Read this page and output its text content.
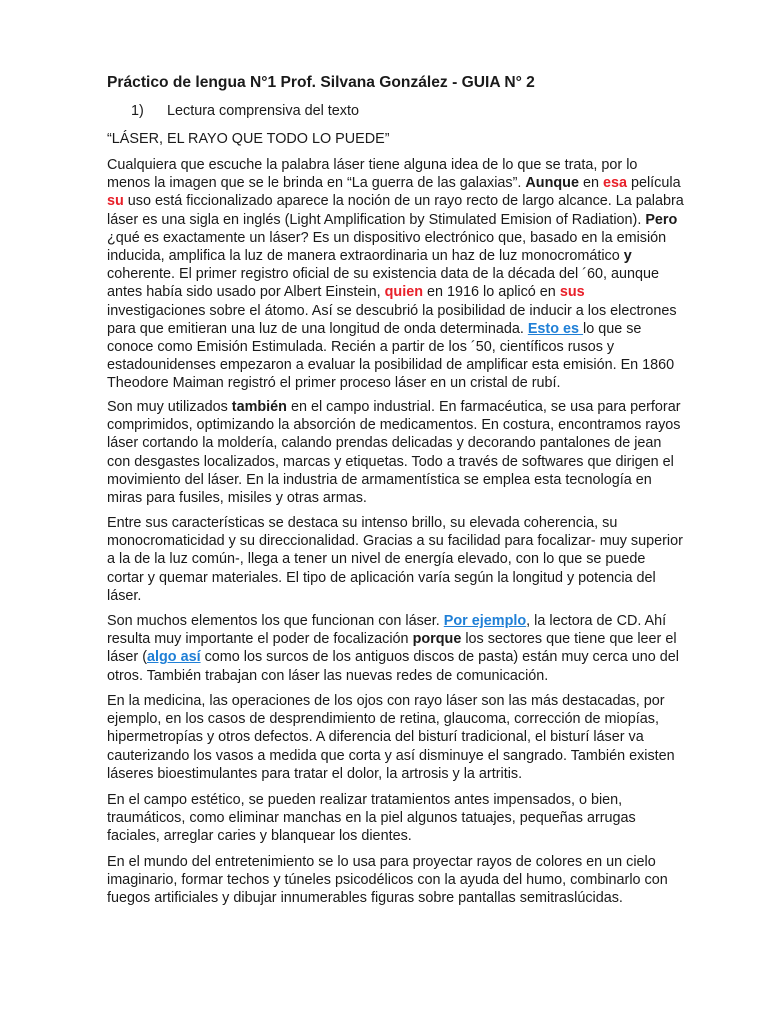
Práctico de lengua N°1 Prof. Silvana González - GUIA N° 2
1) Lectura comprensiva del texto
“LÁSER, EL RAYO QUE TODO LO PUEDE”
Cualquiera que escuche la palabra láser tiene alguna idea de lo que se trata, por lo
menos la imagen que se le brinda en “La guerra de las galaxias”. Aunque en esa película
su uso está ficcionalizado aparece la noción de un rayo recto de largo alcance. La palabra
láser es una sigla en inglés (Light Amplification by Stimulated Emision of Radiation). Pero
¿qué es exactamente un láser? Es un dispositivo electrónico que, basado en la emisión
inducida, amplifica la luz de manera extraordinaria un haz de luz monocromático y
coherente. El primer registro oficial de su existencia data de la década del ´60, aunque
antes había sido usado por Albert Einstein, quien en 1916 lo aplicó en sus
investigaciones sobre el átomo. Así se descubrió la posibilidad de inducir a los electrones
para que emitieran una luz de una longitud de onda determinada. Esto es lo que se
conoce como Emisión Estimulada. Recién a partir de los ´50, científicos rusos y
estadounidenses empezaron a evaluar la posibilidad de amplificar esta emisión. En 1860
Theodore Maiman registró el primer proceso láser en un cristal de rubí.
Son muy utilizados también en el campo industrial. En farmacéutica, se usa para perforar
comprimidos, optimizando la absorción de medicamentos. En costura, encontramos rayos
láser cortando la moldería, calando prendas delicadas y decorando pantalones de jean
con desgastes localizados, marcas y etiquetas. Todo a través de softwares que dirigen el
movimiento del láser. En la industria de armamentística se emplea esta tecnología en
miras para fusiles, misiles y otras armas.
Entre sus características se destaca su intenso brillo, su elevada coherencia, su
monocromaticidad y su direccionalidad. Gracias a su facilidad para focalizar- muy superior
a la de la luz común-, llega a tener un nivel de energía elevado, con lo que se puede
cortar y quemar materiales. El tipo de aplicación varía según la longitud y potencia del
láser.
Son muchos elementos los que funcionan con láser. Por ejemplo, la lectora de CD. Ahí
resulta muy importante el poder de focalización porque los sectores que tiene que leer el
láser (algo así como los surcos de los antiguos discos de pasta) están muy cerca uno del
otros. También trabajan con láser las nuevas redes de comunicación.
En la medicina, las operaciones de los ojos con rayo láser son las más destacadas, por
ejemplo, en los casos de desprendimiento de retina, glaucoma, corrección de miopías,
hipermetropías y otros defectos. A diferencia del bisturí tradicional, el bisturí láser va
cauterizando los vasos a medida que corta y así disminuye el sangrado. También existen
láseres bioestimulantes para tratar el dolor, la artrosis y la artritis.
En el campo estético, se pueden realizar tratamientos antes impensados, o bien,
traumáticos, como eliminar manchas en la piel algunos tatuajes, pequeñas arrugas
faciales, arreglar caries y blanquear los dientes.
En el mundo del entretenimiento se lo usa para proyectar rayos de colores en un cielo
imaginario, formar techos y túneles psicodélicos con la ayuda del humo, combinarlo con
fuegos artificiales y dibujar innumerables figuras sobre pantallas semitraslúcidas.
